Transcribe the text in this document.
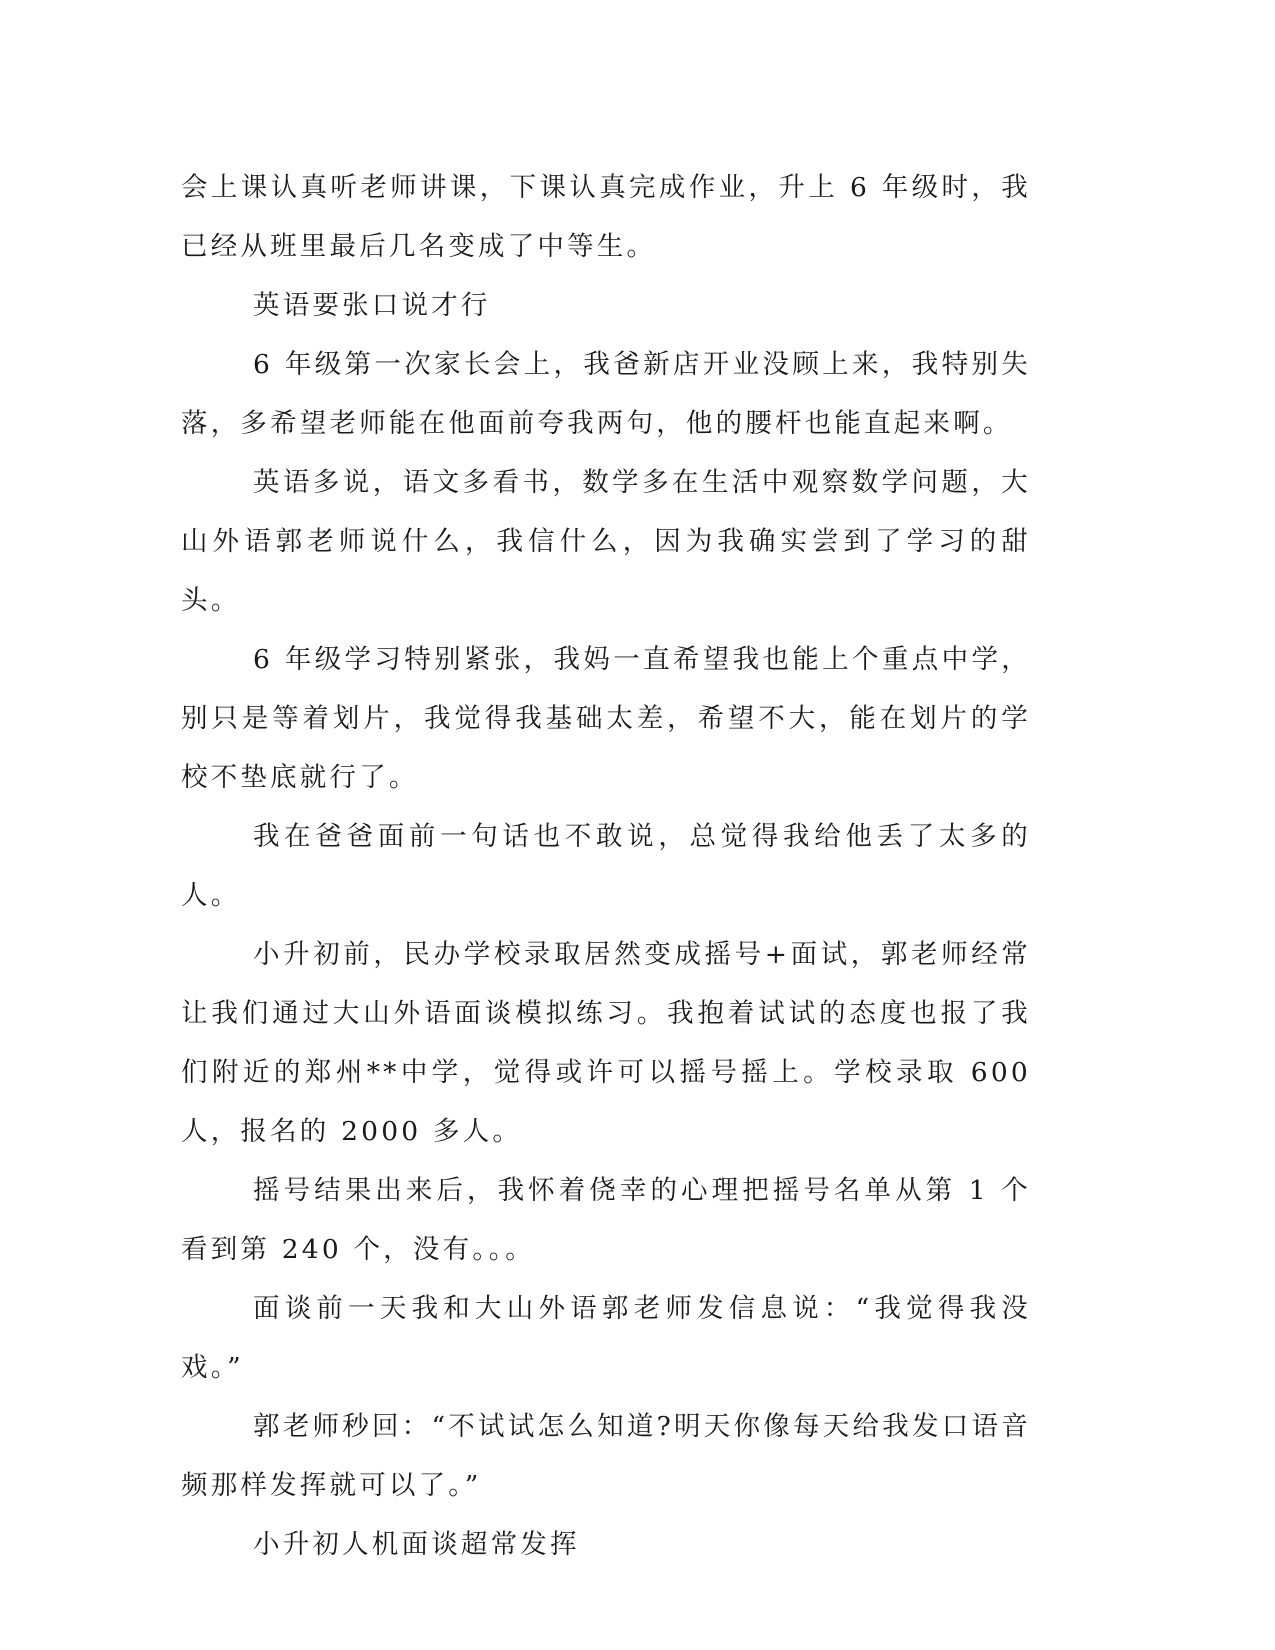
会上课认真听老师讲课，下课认真完成作业，升上 6 年级时，我已经从班里最后几名变成了中等生。

英语要张口说才行

6 年级第一次家长会上，我爸新店开业没顾上来，我特别失落，多希望老师能在他面前夸我两句，他的腰杆也能直起来啊。

英语多说，语文多看书，数学多在生活中观察数学问题，大山外语郭老师说什么，我信什么，因为我确实尝到了学习的甜头。

6 年级学习特别紧张，我妈一直希望我也能上个重点中学，别只是等着划片，我觉得我基础太差，希望不大，能在划片的学校不垫底就行了。

我在爸爸面前一句话也不敢说，总觉得我给他丢了太多的人。

小升初前，民办学校录取居然变成摇号+面试，郭老师经常让我们通过大山外语面谈模拟练习。我抱着试试的态度也报了我们附近的郑州**中学，觉得或许可以摇号摇上。学校录取 600 人，报名的 2000 多人。

摇号结果出来后，我怀着侥幸的心理把摇号名单从第 1 个看到第 240 个，没有。。。

面谈前一天我和大山外语郭老师发信息说：“我觉得我没戏。”

郭老师秒回：“不试试怎么知道?明天你像每天给我发口语音频那样发挥就可以了。”

小升初人机面谈超常发挥
